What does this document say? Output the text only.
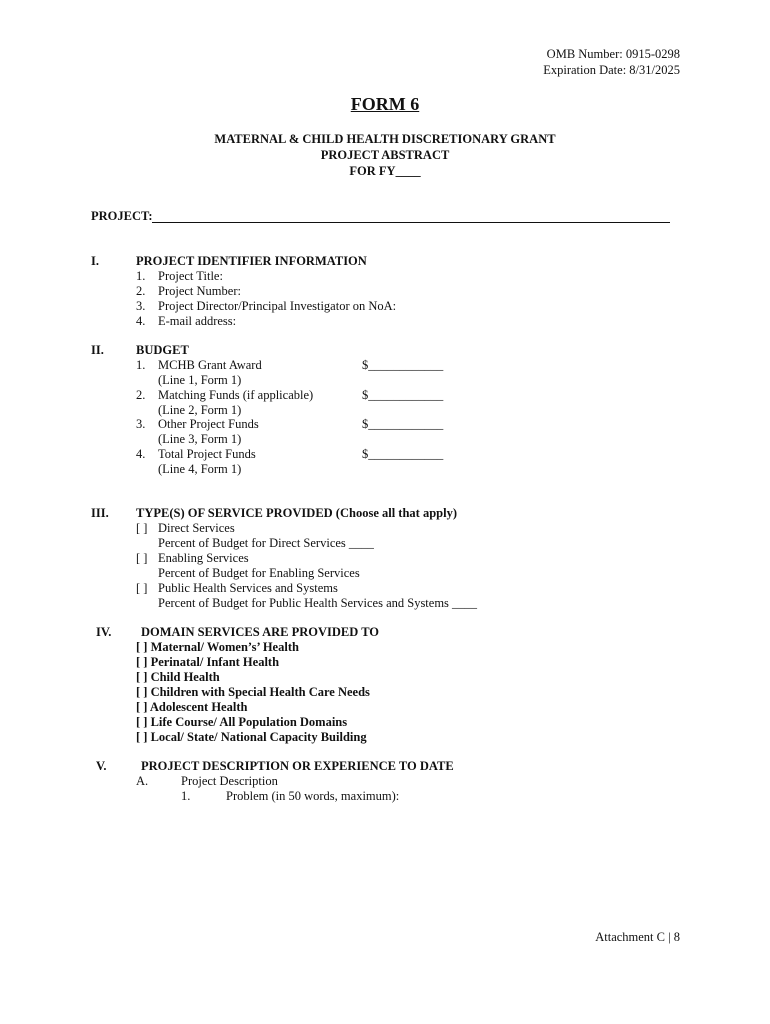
OMB Number: 0915-0298
Expiration Date: 8/31/2025
FORM 6
MATERNAL & CHILD HEALTH DISCRETIONARY GRANT
PROJECT ABSTRACT
FOR FY____
PROJECT:
I.	PROJECT IDENTIFIER INFORMATION
1. Project Title:
2. Project Number:
3. Project Director/Principal Investigator on NoA:
4. E-mail address:
II.	BUDGET
1. MCHB Grant Award	$____________
(Line 1, Form 1)
2. Matching Funds (if applicable)	$____________
(Line 2, Form 1)
3. Other Project Funds	$____________
(Line 3, Form 1)
4. Total Project Funds	$____________
(Line 4, Form 1)
III. TYPE(S) OF SERVICE PROVIDED (Choose all that apply)
[ ] Direct Services
Percent of Budget for Direct Services ____
[ ] Enabling Services
Percent of Budget for Enabling Services
[ ] Public Health Services and Systems
Percent of Budget for Public Health Services and Systems ____
IV. DOMAIN SERVICES ARE PROVIDED TO
[ ] Maternal/ Women’s’ Health
[ ] Perinatal/ Infant Health
[ ] Child Health
[ ] Children with Special Health Care Needs
[ ] Adolescent Health
[ ] Life Course/ All Population Domains
[ ] Local/ State/ National Capacity Building
V.	PROJECT DESCRIPTION OR EXPERIENCE TO DATE
A.	Project Description
1.	Problem (in 50 words, maximum):
Attachment C | 8
